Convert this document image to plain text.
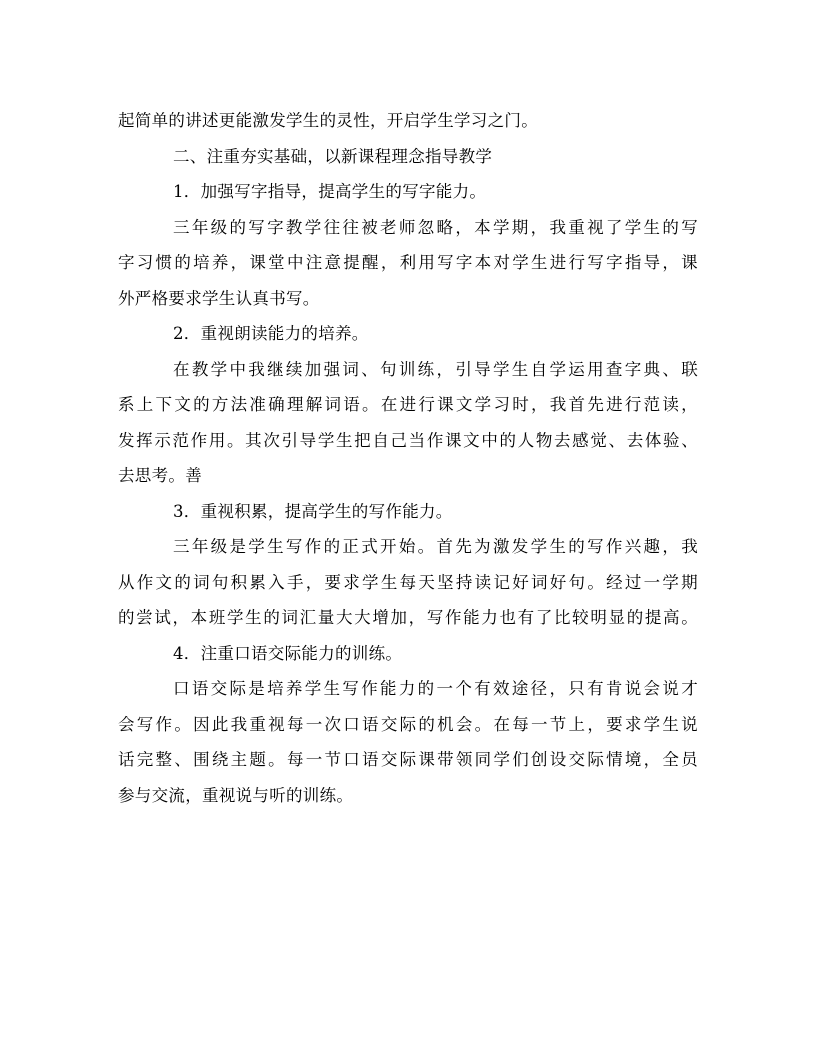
起简单的讲述更能激发学生的灵性，开启学生学习之门。
二、注重夯实基础，以新课程理念指导教学
1．加强写字指导，提高学生的写字能力。
三年级的写字教学往往被老师忽略，本学期，我重视了学生的写
字习惯的培养，课堂中注意提醒，利用写字本对学生进行写字指导，课
外严格要求学生认真书写。
2．重视朗读能力的培养。
在教学中我继续加强词、句训练，引导学生自学运用查字典、联
系上下文的方法准确理解词语。在进行课文学习时，我首先进行范读，
发挥示范作用。其次引导学生把自己当作课文中的人物去感觉、去体验、
去思考。善
3．重视积累，提高学生的写作能力。
三年级是学生写作的正式开始。首先为激发学生的写作兴趣，我
从作文的词句积累入手，要求学生每天坚持读记好词好句。经过一学期
的尝试，本班学生的词汇量大大增加，写作能力也有了比较明显的提高。
4．注重口语交际能力的训练。
口语交际是培养学生写作能力的一个有效途径，只有肯说会说才
会写作。因此我重视每一次口语交际的机会。在每一节上，要求学生说
话完整、围绕主题。每一节口语交际课带领同学们创设交际情境，全员
参与交流，重视说与听的训练。
